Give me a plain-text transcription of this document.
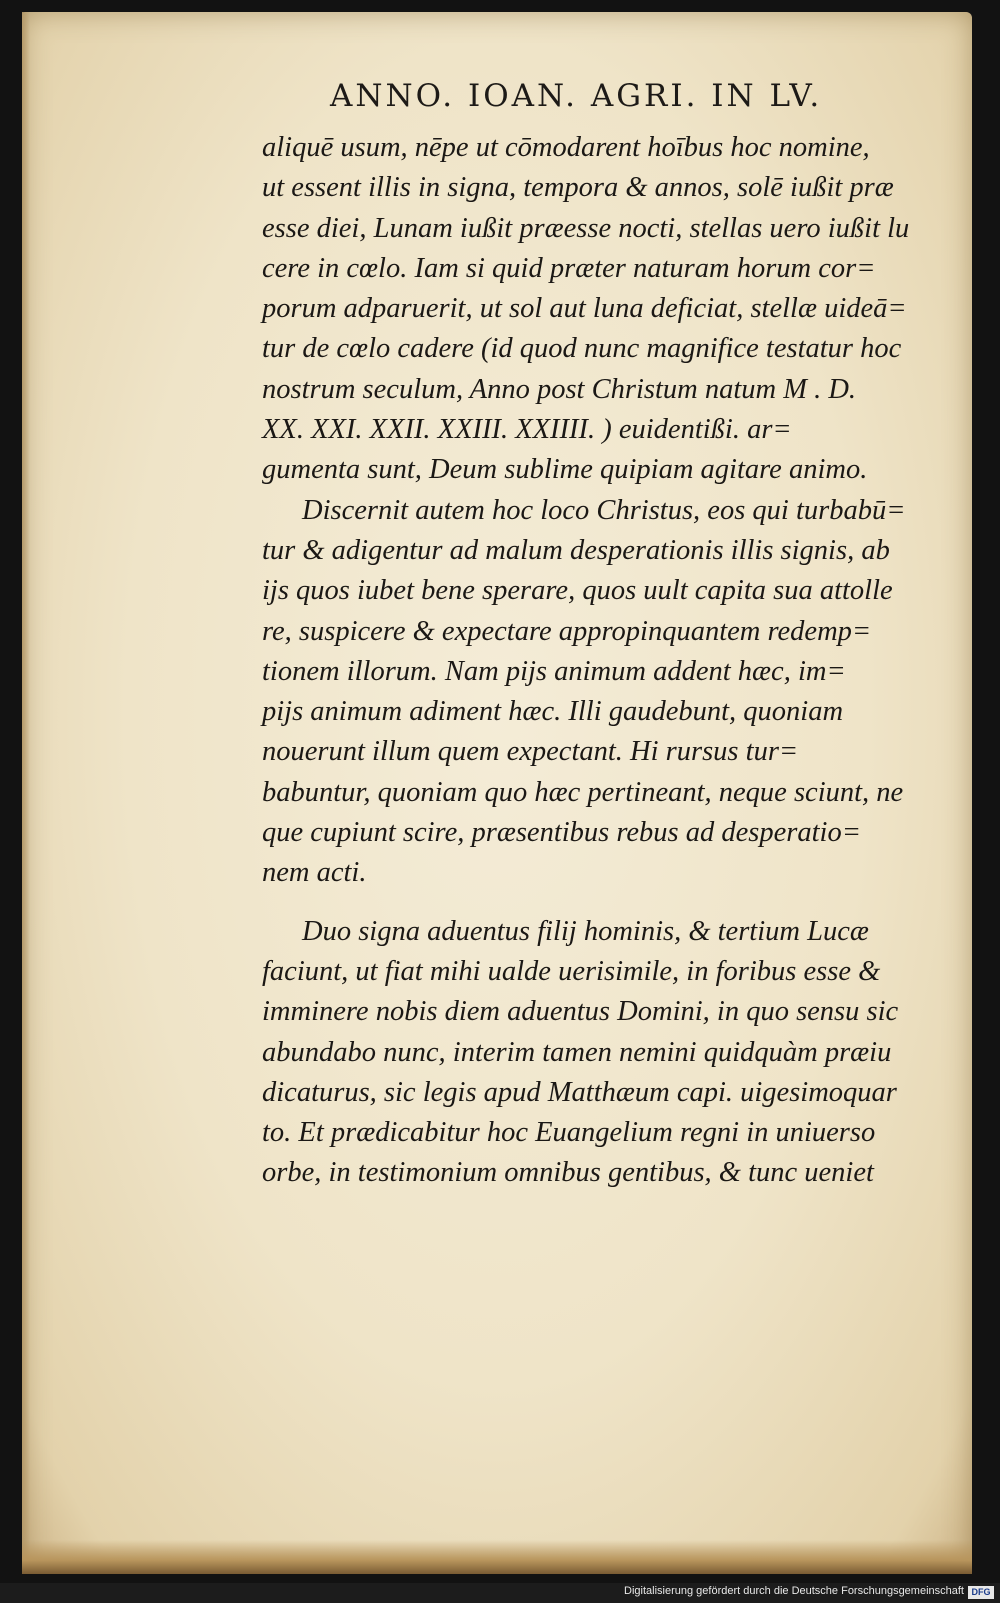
ANNO. IOAN. AGRI. IN LV.
aliquē usum, nēpe ut cōmodarent hoībus hoc nomine,
ut essent illis in signa, tempora & annos, solē iußit præ
esse diei, Lunam iußit præesse nocti, stellas uero iußit lu
cere in cœlo. Iam si quid præter naturam horum cor=
porum adparuerit, ut sol aut luna deficiat, stellæ uideā=
tur de cœlo cadere (id quod nunc magnifice testatur hoc
nostrum seculum, Anno post Christum natum M . D.
XX. XXI. XXII. XXIII. XXIIII. ) euidentißi. ar=
gumenta sunt, Deum sublime quipiam agitare animo.
Discernit autem hoc loco Christus, eos qui turbabū=
tur & adigentur ad malum desperationis illis signis, ab
ijs quos iubet bene sperare, quos uult capita sua attolle
re, suspicere & expectare appropinquantem redemp=
tionem illorum. Nam pijs animum addent hæc, im=
pijs animum adiment hæc. Illi gaudebunt, quoniam
nouerunt illum quem expectant. Hi rursus tur=
babuntur, quoniam quo hæc pertineant, neque sciunt, ne
que cupiunt scire, præsentibus rebus ad desperatio=
nem acti.
Duo signa aduentus filij hominis, & tertium Lucæ
faciunt, ut fiat mihi ualde uerisimile, in foribus esse &
imminere nobis diem aduentus Domini, in quo sensu sic
abundabo nunc, interim tamen nemini quidquàm præiu
dicaturus, sic legis apud Matthæum capi. uigesimoquar
to. Et prædicabitur hoc Euangelium regni in uniuerso
orbe, in testimonium omnibus gentibus, & tunc ueniet
Digitalisierung gefördert durch die Deutsche Forschungsgemeinschaft DFG
